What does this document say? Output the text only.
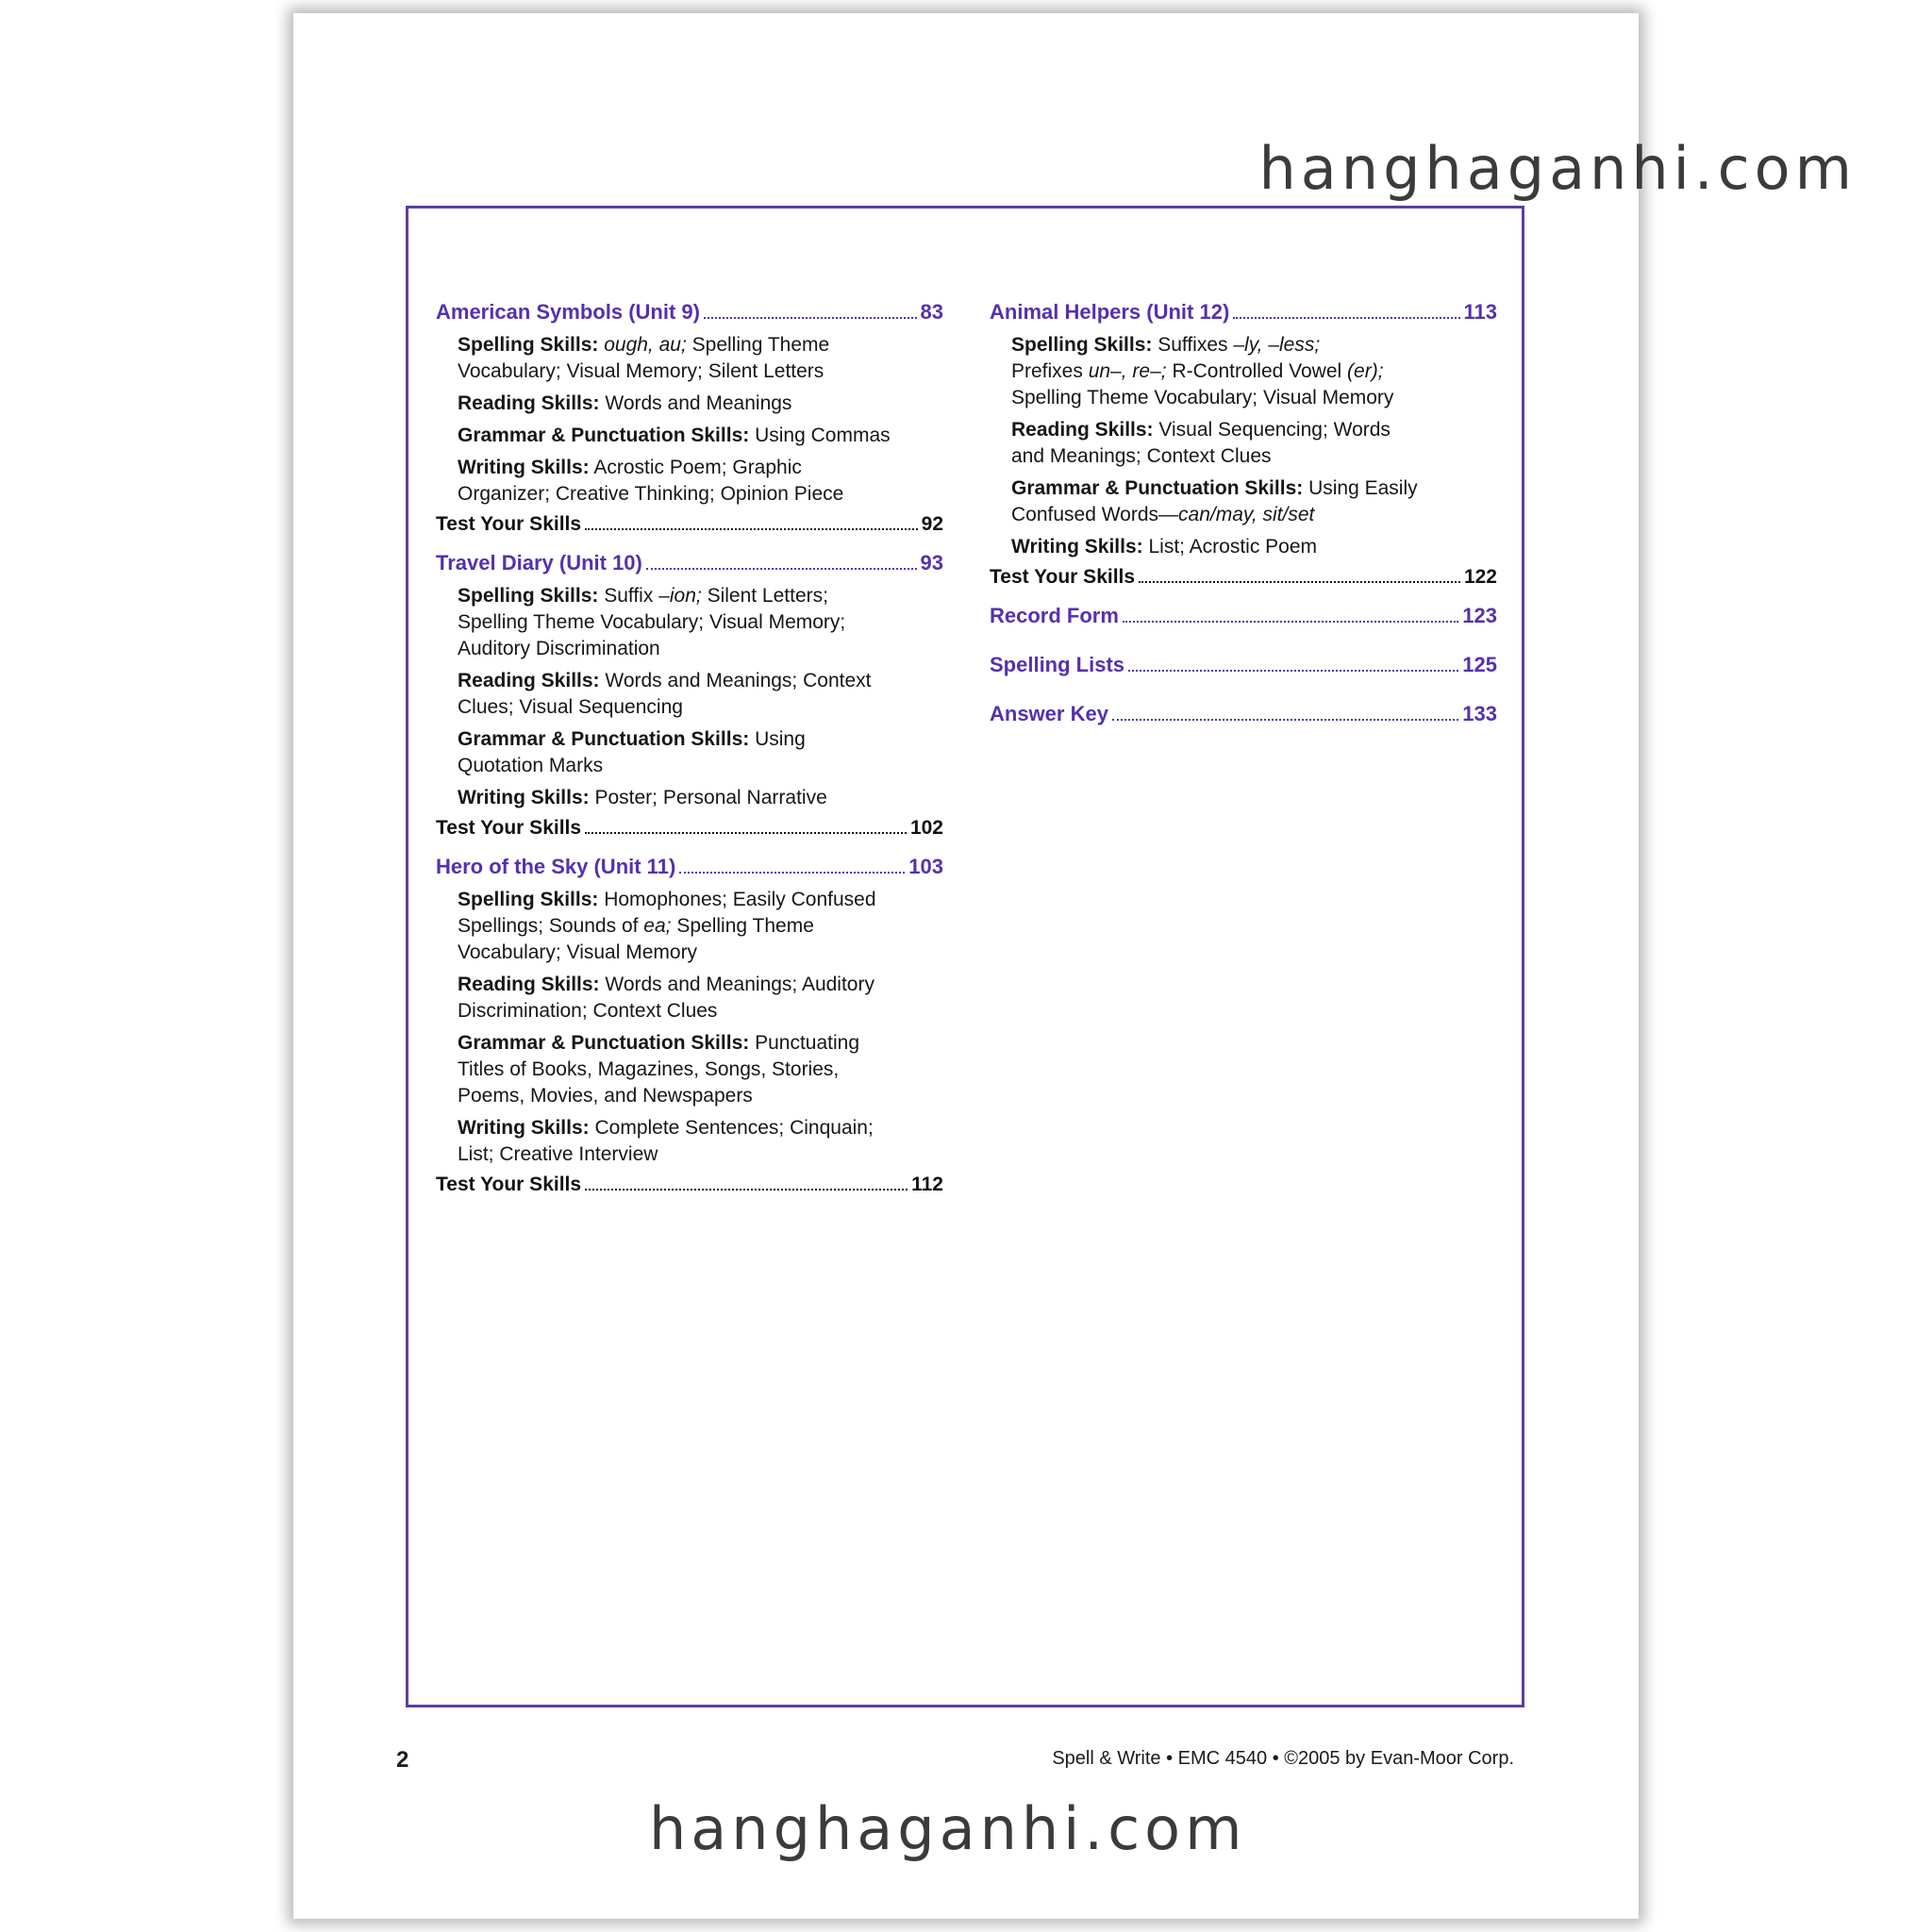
hanghaganhi.com
American Symbols (Unit 9)	83
Spelling Skills: ough, au; Spelling Theme
Vocabulary; Visual Memory; Silent Letters
Reading Skills: Words and Meanings
Grammar & Punctuation Skills: Using Commas
Writing Skills: Acrostic Poem; Graphic
Organizer; Creative Thinking; Opinion Piece
Test Your Skills	92
Travel Diary (Unit 10)	93
Spelling Skills: Suffix –ion; Silent Letters;
Spelling Theme Vocabulary; Visual Memory;
Auditory Discrimination
Reading Skills: Words and Meanings; Context
Clues; Visual Sequencing
Grammar & Punctuation Skills: Using
Quotation Marks
Writing Skills: Poster; Personal Narrative
Test Your Skills	102
Hero of the Sky (Unit 11)	103
Spelling Skills: Homophones; Easily Confused
Spellings; Sounds of ea; Spelling Theme
Vocabulary; Visual Memory
Reading Skills: Words and Meanings; Auditory
Discrimination; Context Clues
Grammar & Punctuation Skills: Punctuating
Titles of Books, Magazines, Songs, Stories,
Poems, Movies, and Newspapers
Writing Skills: Complete Sentences; Cinquain;
List; Creative Interview
Test Your Skills	112
Animal Helpers (Unit 12)	113
Spelling Skills: Suffixes –ly, –less;
Prefixes un–, re–; R-Controlled Vowel (er);
Spelling Theme Vocabulary; Visual Memory
Reading Skills: Visual Sequencing; Words
and Meanings; Context Clues
Grammar & Punctuation Skills: Using Easily
Confused Words—can/may, sit/set
Writing Skills: List; Acrostic Poem
Test Your Skills	122
Record Form	123
Spelling Lists	125
Answer Key	133
2	Spell & Write • EMC 4540 • ©2005 by Evan-Moor Corp.
hanghaganhi.com
